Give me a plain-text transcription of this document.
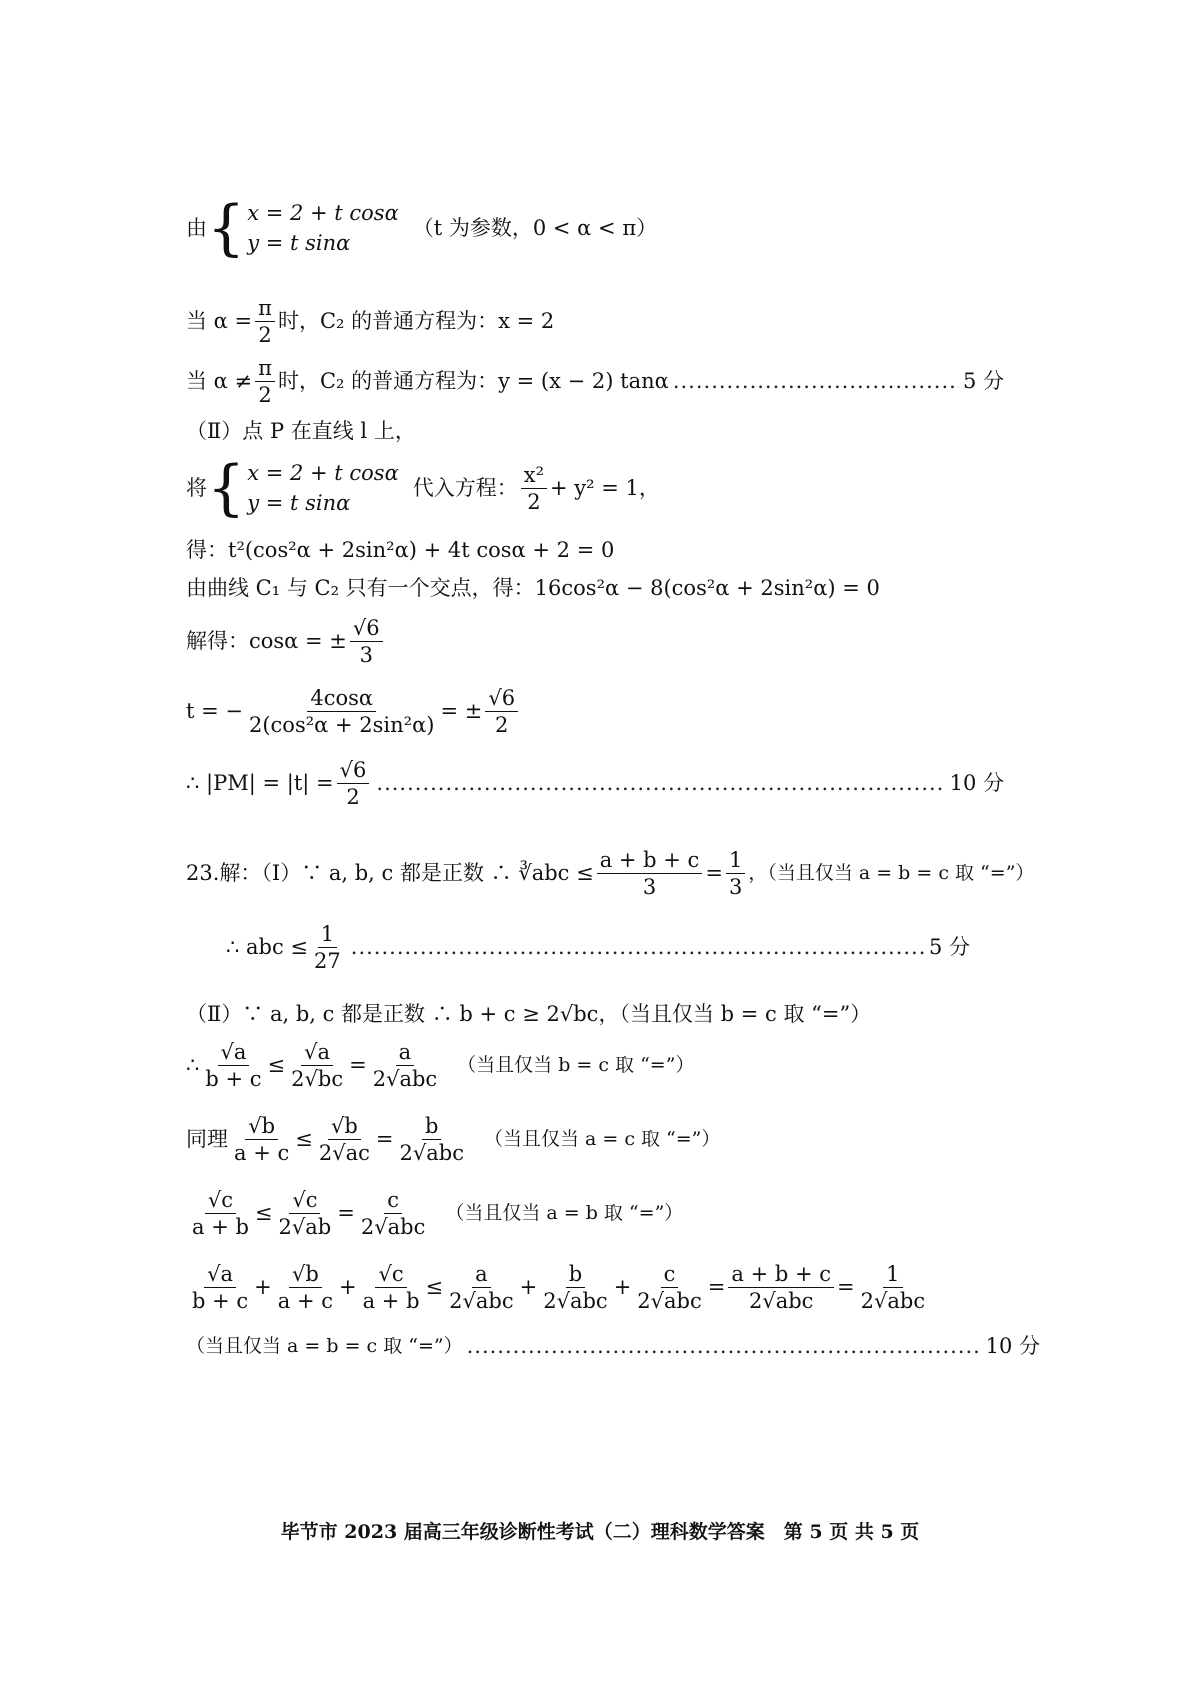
由 { x = 2 + t cosα
y = t sinα
（t 为参数，0 < α < π）
当 $\alpha = \frac{\pi}{2}$ 时，C₂ 的普通方程为：x = 2
当 $\alpha \ne \frac{\pi}{2}$ 时，C₂ 的普通方程为：y = (x − 2) tanα .....	5 分
（Ⅱ）点 P 在直线 l 上，
将 { x = 2 + t cosα
y = t sinα
代入方程： $\frac{\text{x²}}{2} + y^2 = 1$，
得：t²(cos²α + 2sin²α) + 4t cosα + 2 = 0
由曲线 C₁ 与 C₂ 只有一个交点，得：16cos²α − 8(cos²α + 2sin²α) = 0
解得：cosα = ± $\frac{√6}{3}$
t = − $\frac{4\cos\alpha}{\text{2(cos²α + 2sin²α)}}$ = ± $\frac{√6}{2}$
∴ $|PM| = |t| = \frac{√6}{2}$ .....	10 分
23.解：（Ⅰ）∵ a, b, c 都是正数 ∴ ∛abc ≤ $\frac{a + b + c}{3} = \frac{1}{3}$ ，（当且仅当 a = b = c 取 “=”）
∴ abc ≤ $\frac{1}{27}$ .....	5 分
（Ⅱ）∵ a, b, c 都是正数 ∴ b + c ≥ 2√bc，（当且仅当 b = c 取 “=”）
∴ $\frac{√a}{b + c} \le \frac{√a}{2√bc} = \frac{a}{\text{2√abc}}$ （当且仅当 b = c 取 “=”）
同理 $\frac{√b}{a + c} \le \frac{√b}{2√ac} = \frac{b}{\text{2√abc}}$ （当且仅当 a = c 取 “=”）
$\frac{√c}{a + b} \le \frac{√c}{2√ab} = \frac{c}{\text{2√abc}}$ （当且仅当 a = b 取 “=”）
$\frac{√a}{b + c} + \frac{√b}{a + c} + \frac{√c}{a + b} \le \frac{a}{\text{2√abc}} + \frac{b}{\text{2√abc}} + \frac{c}{\text{2√abc}} = \frac{a + b + c}{\text{2√abc}} = \frac{1}{\text{2√abc}}$
（当且仅当 a = b = c 取 “=”） .....	10 分
毕节市 2023 届高三年级诊断性考试（二）理科数学答案　第 5 页 共 5 页
